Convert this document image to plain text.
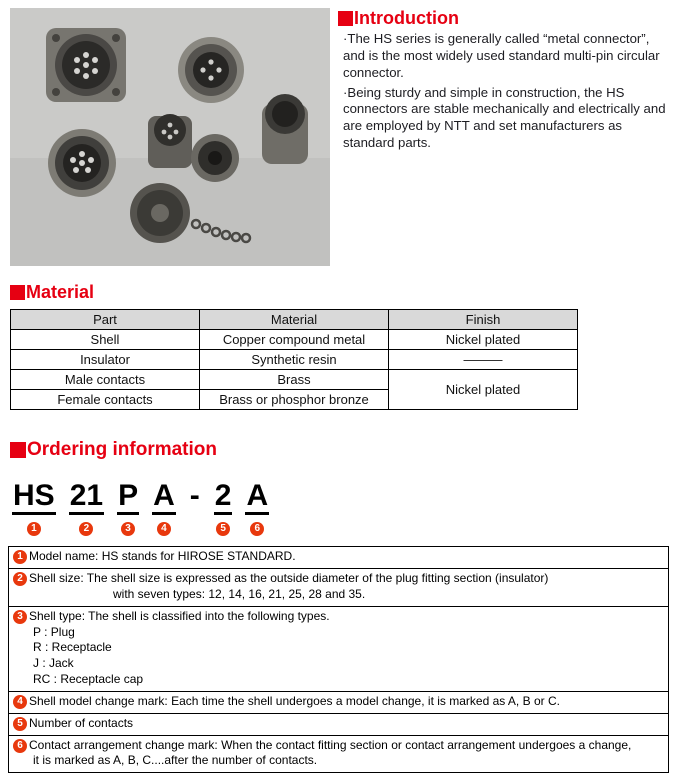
Introduction

·The HS series is generally called “metal connector”, and is the most widely used standard multi-pin circular connector.

·Being sturdy and simple in construction, the HS connectors are stable mechanically and electrically and are employed by NTT and set manufacturers as standard parts.

Material
Part	Material	Finish
Shell	Copper compound metal	Nickel plated
Insulator	Synthetic resin	———
Male contacts	Brass	Nickel plated
Female contacts	Brass or phosphor bronze	
Ordering information
HS
1
21
2
P
3
A
4
- 2
5
A
6
1 Model name: HS stands for HIROSE STANDARD.
2 Shell size: The shell size is expressed as the outside diameter of the plug fitting section (insulator)
with seven types: 12, 14, 16, 21, 25, 28 and 35.
3 Shell type: The shell is classified into the following types.
P : Plug
R : Receptacle
J : Jack
RC : Receptacle cap
4 Shell model change mark: Each time the shell undergoes a model change, it is marked as A, B or C.
5 Number of contacts
6 Contact arrangement change mark: When the contact fitting section or contact arrangement undergoes a change,
it is marked as A, B, C....after the number of contacts.
